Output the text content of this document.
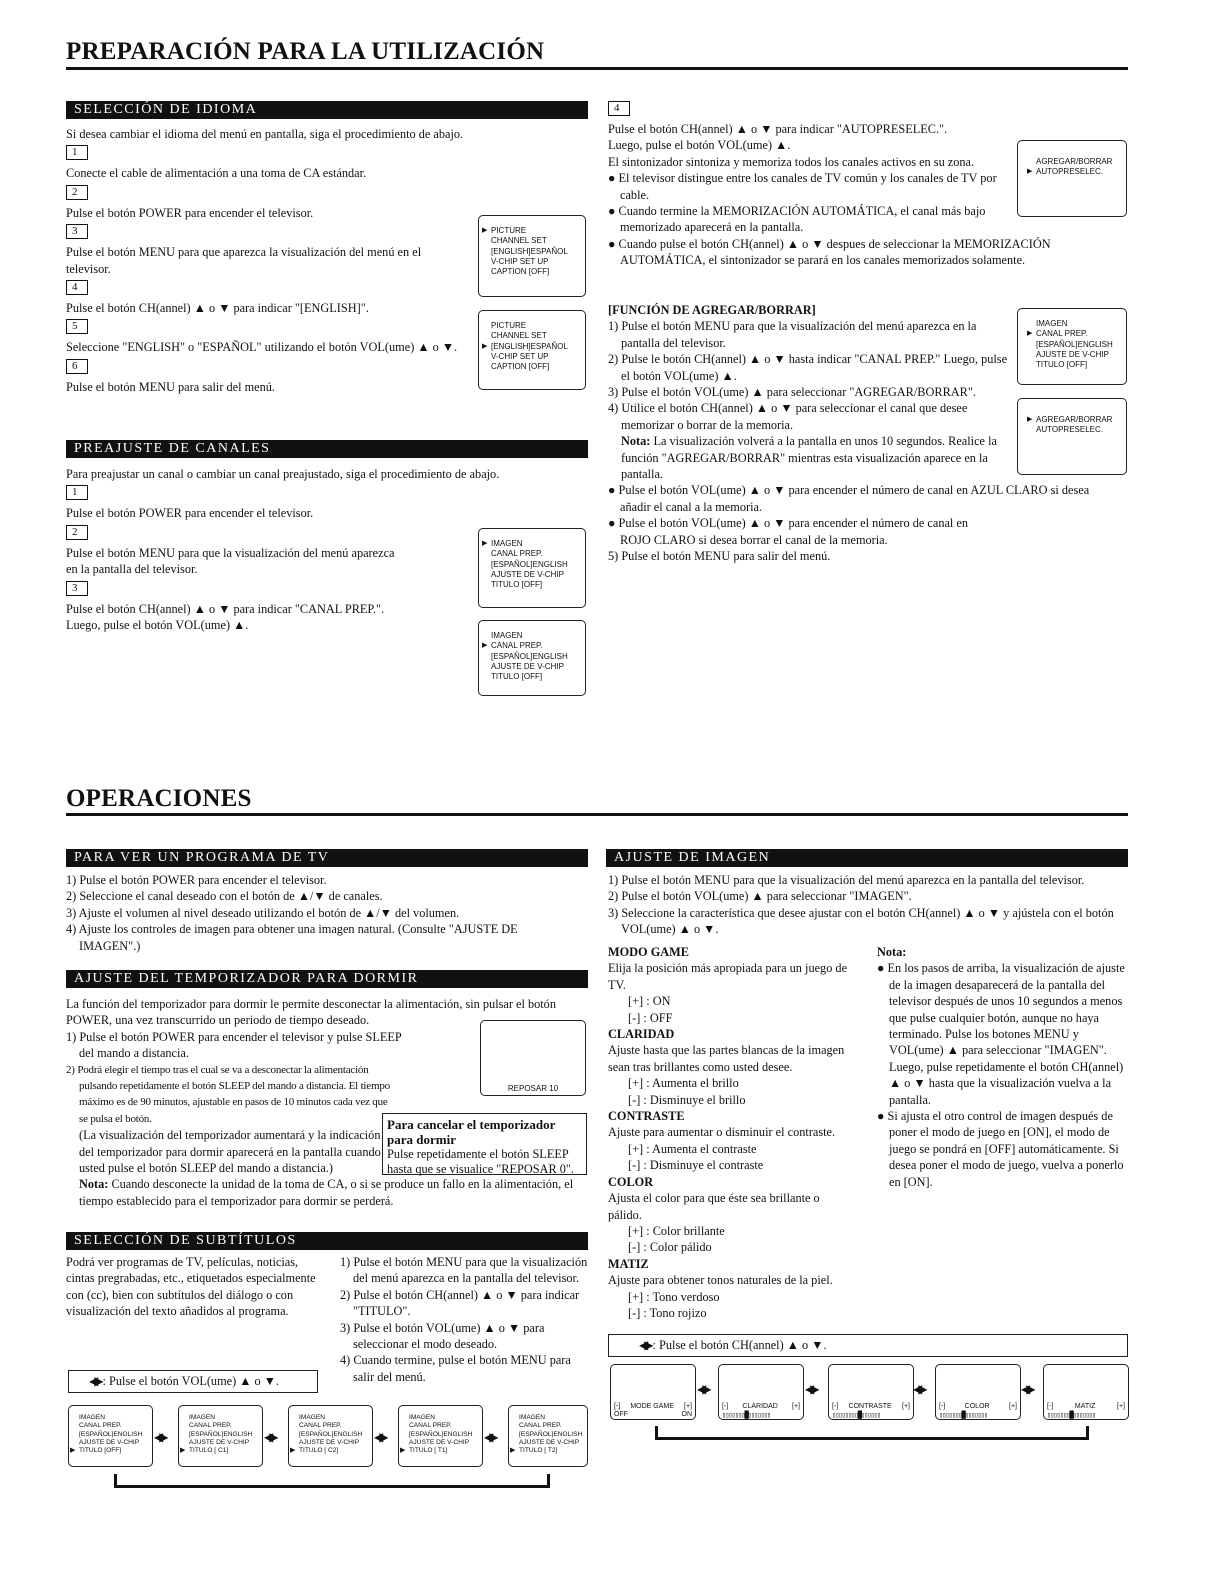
PREPARACIÓN PARA LA UTILIZACIÓN
SELECCIÓN DE IDIOMA

Si desea cambiar el idioma del menú en pantalla, siga el procedimiento de abajo.

1

Conecte el cable de alimentación a una toma de CA estándar.

2

Pulse el botón POWER para encender el televisor.

3

Pulse el botón MENU para que aparezca la visualización del menú en el televisor.

4

Pulse el botón CH(annel) ▲ o ▼ para indicar "[ENGLISH]".

5

Seleccione "ENGLISH" o "ESPAÑOL" utilizando el botón VOL(ume) ▲ o ▼.

6

Pulse el botón MENU para salir del menú.

▶ PICTURE
CHANNEL SET
[ENGLISH]ESPAÑOL
V-CHIP SET UP
CAPTION [OFF]
PICTURE
CHANNEL SET
▶ [ENGLISH]ESPAÑOL
V-CHIP SET UP
CAPTION [OFF]
PREAJUSTE DE CANALES

Para preajustar un canal o cambiar un canal preajustado, siga el procedimiento de abajo.

1

Pulse el botón POWER para encender el televisor.

2

Pulse el botón MENU para que la visualización del menú aparezca en la pantalla del televisor.

3

Pulse el botón CH(annel) ▲ o ▼ para indicar "CANAL PREP.". Luego, pulse el botón VOL(ume) ▲.

▶ IMAGEN
CANAL PREP.
[ESPAÑOL]ENGLISH
AJUSTE DE V-CHIP
TITULO [OFF]
IMAGEN
▶ CANAL PREP.
[ESPAÑOL]ENGLISH
AJUSTE DE V-CHIP
TITULO [OFF]
4

Pulse el botón CH(annel) ▲ o ▼ para indicar "AUTOPRESELEC.".

Luego, pulse el botón VOL(ume) ▲.

El sintonizador sintoniza y memoriza todos los canales activos en su zona.

● El televisor distingue entre los canales de TV común y los canales de TV por cable.

● Cuando termine la MEMORIZACIÓN AUTOMÁTICA, el canal más bajo memorizado aparecerá en la pantalla.

● Cuando pulse el botón CH(annel) ▲ o ▼ despues de seleccionar la MEMORIZACIÓN AUTOMÁTICA, el sintonizador se parará en los canales memorizados solamente.

AGREGAR/BORRAR
▶ AUTOPRESELEC.

[FUNCIÓN DE AGREGAR/BORRAR]

1) Pulse el botón MENU para que la visualización del menú aparezca en la pantalla del televisor.

2) Pulse le botón CH(annel) ▲ o ▼ hasta indicar "CANAL PREP." Luego, pulse el botón VOL(ume) ▲.

3) Pulse el botón VOL(ume) ▲ para seleccionar "AGREGAR/BORRAR".

4) Utilice el botón CH(annel) ▲ o ▼ para seleccionar el canal que desee memorizar o borrar de la memoria.

Nota: La visualización volverá a la pantalla en unos 10 segundos. Realice la función "AGREGAR/BORRAR" mientras esta visualización aparece en la pantalla.

● Pulse el botón VOL(ume) ▲ o ▼ para encender el número de canal en AZUL CLARO si desea añadir el canal a la memoria.

● Pulse el botón VOL(ume) ▲ o ▼ para encender el número de canal en ROJO CLARO si desea borrar el canal de la memoria.

5) Pulse el botón MENU para salir del menú.

IMAGEN
▶ CANAL PREP.
[ESPAÑOL]ENGLISH
AJUSTE DE V-CHIP
TITULO [OFF]
▶ AGREGAR/BORRAR
AUTOPRESELEC.
OPERACIONES
PARA VER UN PROGRAMA DE TV

1) Pulse el botón POWER para encender el televisor.

2) Seleccione el canal deseado con el botón de ▲/▼ de canales.

3) Ajuste el volumen al nivel deseado utilizando el botón de ▲/▼ del volumen.

4) Ajuste los controles de imagen para obtener una imagen natural. (Consulte "AJUSTE DE IMAGEN".)

AJUSTE DEL TEMPORIZADOR PARA DORMIR

La función del temporizador para dormir le permite desconectar la alimentación, sin pulsar el botón POWER, una vez transcurrido un periodo de tiempo deseado.

1) Pulse el botón POWER para encender el televisor y pulse SLEEP del mando a distancia.

2) Podrá elegir el tiempo tras el cual se va a desconectar la alimentación pulsando repetidamente el botón SLEEP del mando a distancia. El tiempo máximo es de 90 minutos, ajustable en pasos de 10 minutos cada vez que se pulsa el botón.

(La visualización del temporizador aumentará y la indicación del temporizador para dormir aparecerá en la pantalla cuando usted pulse el botón SLEEP del mando a distancia.)

Nota: Cuando desconecte la unidad de la toma de CA, o si se produce un fallo en la alimentación, el tiempo establecido para el temporizador para dormir se perderá.

REPOSAR 10

Para cancelar el temporizador para dormir

Pulse repetidamente el botón SLEEP hasta que se visualice "REPOSAR 0".

SELECCIÓN DE SUBTÍTULOS
Podrá ver programas de TV, películas, noticias, cintas pregrabadas, etc., etiquetados especialmente con (cc), bien con subtítulos del diálogo o con visualización del texto añadidos al programa.

1) Pulse el botón MENU para que la visualización del menú aparezca en la pantalla del televisor.

2) Pulse el botón CH(annel) ▲ o ▼ para indicar "TITULO".

3) Pulse el botón VOL(ume) ▲ o ▼ para seleccionar el modo deseado.

4) Cuando termine, pulse el botón MENU para salir del menú.

◀▶ : Pulse el botón VOL(ume) ▲ o ▼.
IMAGEN
CANAL PREP.
[ESPAÑOL]ENGLISH
AJUSTE DE V-CHIP
▶ TITULO [OFF]
IMAGEN
CANAL PREP.
[ESPAÑOL]ENGLISH
AJUSTE DE V-CHIP
▶ TITULO [ C1]
IMAGEN
CANAL PREP.
[ESPAÑOL]ENGLISH
AJUSTE DE V-CHIP
▶ TITULO [ C2]
IMAGEN
CANAL PREP.
[ESPAÑOL]ENGLISH
AJUSTE DE V-CHIP
▶ TITULO [ T1]
IMAGEN
CANAL PREP.
[ESPAÑOL]ENGLISH
AJUSTE DE V-CHIP
▶ TITULO [ T2]
◀▶	◀▶	◀▶	◀▶
AJUSTE DE IMAGEN

1) Pulse el botón MENU para que la visualización del menú aparezca en la pantalla del televisor.

2) Pulse el botón VOL(ume) ▲ para seleccionar "IMAGEN".

3) Seleccione la característica que desee ajustar con el botón CH(annel) ▲ o ▼ y ajústela con el botón VOL(ume) ▲ o ▼.

MODO GAME

Elija la posición más apropiada para un juego de TV.

[+] : ON

[-] : OFF

CLARIDAD

Ajuste hasta que las partes blancas de la imagen sean tras brillantes como usted desee.

[+] : Aumenta el brillo

[-] : Disminuye el brillo

CONTRASTE

Ajuste para aumentar o disminuir el contraste.

[+] : Aumenta el contraste

[-] : Disminuye el contraste

COLOR

Ajusta el color para que éste sea brillante o pálido.

[+] : Color brillante

[-] : Color pálido

MATIZ

Ajuste para obtener tonos naturales de la piel.

[+] : Tono verdoso

[-] : Tono rojizo

Nota:

● En los pasos de arriba, la visualización de ajuste de la imagen desaparecerá de la pantalla del televisor después de unos 10 segundos a menos que pulse cualquier botón, aunque no haya terminado. Pulse los botones MENU y VOL(ume) ▲ para seleccionar "IMAGEN". Luego, pulse repetidamente el botón CH(annel) ▲ o ▼ hasta que la visualización vuelva a la pantalla.

● Si ajusta el otro control de imagen después de poner el modo de juego en [ON], el modo de juego se pondrá en [OFF] automáticamente. Si desea poner el modo de juego, vuelva a ponerlo en [ON].

◀▶ : Pulse el botón CH(annel) ▲ o ▼.
[-] MODE GAME [+]
OFF	ON
[-] CLARIDAD [+]
▯▯▯▯▯▯▯█▯▯▯▯▯▯▯
[-] CONTRASTE [+]
▯▯▯▯▯▯▯▯█▯▯▯▯▯▯
[-]	COLOR	[+]
▯▯▯▯▯▯▯█▯▯▯▯▯▯▯
[-]	MATIZ	[+]
▯▯▯▯▯▯▯█▯▯▯▯▯▯▯
◀▶	◀▶	◀▶	◀▶
